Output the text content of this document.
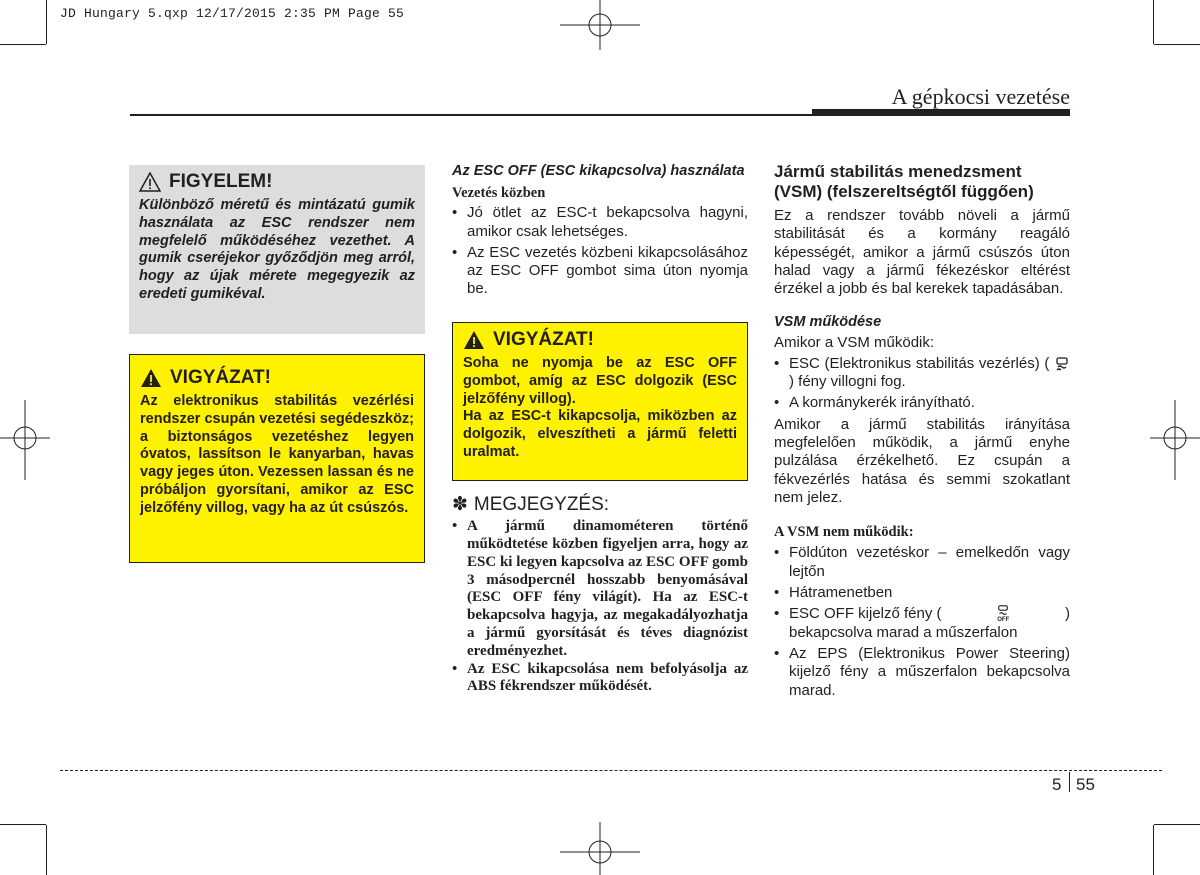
JD Hungary 5.qxp 12/17/2015 2:35 PM Page 55
A gépkocsi vezetése
FIGYELEM!
Különböző méretű és mintázatú gumik használata az ESC rendszer nem megfelelő működéséhez vezethet. A gumik cseréjekor győződjön meg arról, hogy az újak mérete megegyezik az eredeti gumikéval.
VIGYÁZAT!
Az elektronikus stabilitás vezérlési rendszer csupán vezetési segédeszköz; a biztonságos vezetéshez legyen óvatos, lassítson le kanyarban, havas vagy jeges úton. Vezessen lassan és ne próbáljon gyorsítani, amikor az ESC jelzőfény villog, vagy ha az út csúszós.
Az ESC OFF (ESC kikapcsolva) használata
Vezetés közben
• Jó ötlet az ESC-t bekapcsolva hagyni, amikor csak lehetséges.
• Az ESC vezetés közbeni kikapcsolásához az ESC OFF gombot sima úton nyomja be.
VIGYÁZAT!
Soha ne nyomja be az ESC OFF gombot, amíg az ESC dolgozik (ESC jelzőfény villog).
Ha az ESC-t kikapcsolja, miközben az dolgozik, elveszítheti a jármű feletti uralmat.
✽ MEGJEGYZÉS:
• A jármű dinamométeren történő működtetése közben figyeljen arra, hogy az ESC ki legyen kapcsolva az ESC OFF gomb 3 másodpercnél hosszabb benyomásával (ESC OFF fény világít). Ha az ESC-t bekapcsolva hagyja, az megakadályozhatja a jármű gyorsítását és téves diagnózist eredményezhet.
• Az ESC kikapcsolása nem befolyásolja az ABS fékrendszer működését.
Jármű stabilitás menedzsment (VSM) (felszereltségtől függően)
Ez a rendszer tovább növeli a jármű stabilitását és a kormány reagáló képességét, amikor a jármű csúszós úton halad vagy a jármű fékezéskor eltérést érzékel a jobb és bal kerekek tapadásában.
VSM működése
Amikor a VSM működik:
• ESC (Elektronikus stabilitás vezérlés) (  ) fény villogni fog.
• A kormánykerék irányítható.
Amikor a jármű stabilitás irányítása megfelelően működik, a jármű enyhe pulzálása érzékelhető. Ez csupán a fékvezérlés hatása és semmi szokatlant nem jelez.
A VSM nem működik:
• Földúton vezetéskor – emelkedőn vagy lejtőn
• Hátramenetben
• ESC OFF kijelző fény (	OFF	)
bekapcsolva marad a műszerfalon
• Az EPS (Elektronikus Power Steering) kijelző fény a műszerfalon bekapcsolva marad.
5 55
